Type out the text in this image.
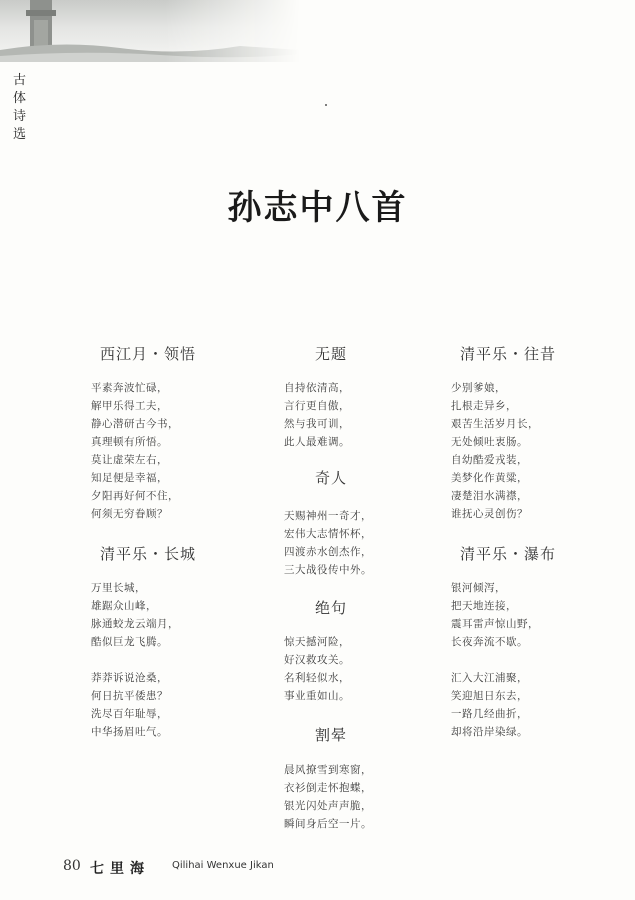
古体诗选
孙志中八首
西江月・领悟
平素奔波忙碌，
解甲乐得工夫，
静心潜研古今书，
真理顿有所悟。
莫让虚荣左右，
知足便是幸福，
夕阳再好何不住，
何须无穷眷顾？
清平乐・长城
万里长城，
雄踞众山峰，
脉通蛟龙云端月，
酷似巨龙飞腾。
莽莽诉说沧桑，
何日抗平倭患？
洗尽百年耻辱，
中华扬眉吐气。
无题
自持依清高，
言行更自傲，
然与我可训，
此人最难调。
奇人
天赐神州一奇才，
宏伟大志情怀杯，
四渡赤水创杰作，
三大战役传中外。
绝句
惊天撼河险，
好汉救攻关。
名利轻似水，
事业重如山。
割晕
晨风撩雪到寒窗，
衣衫倒走怀抱蝶，
银光闪处声声脆，
瞬间身后空一片。
清平乐・往昔
少别爹娘，
扎根走异乡，
艰苦生活岁月长，
无处倾吐衷肠。
自幼酷爱戎装，
美梦化作黄粱，
凄楚泪水满襟，
谁抚心灵创伤？
清平乐・瀑布
银河倾泻，
把天地连接，
震耳雷声惊山野，
长夜奔流不歇。
汇入大江浦聚，
笑迎旭日东去，
一路几经曲折，
却将沿岸染绿。
80 七里海 Qilihai Wenxue Jikan
